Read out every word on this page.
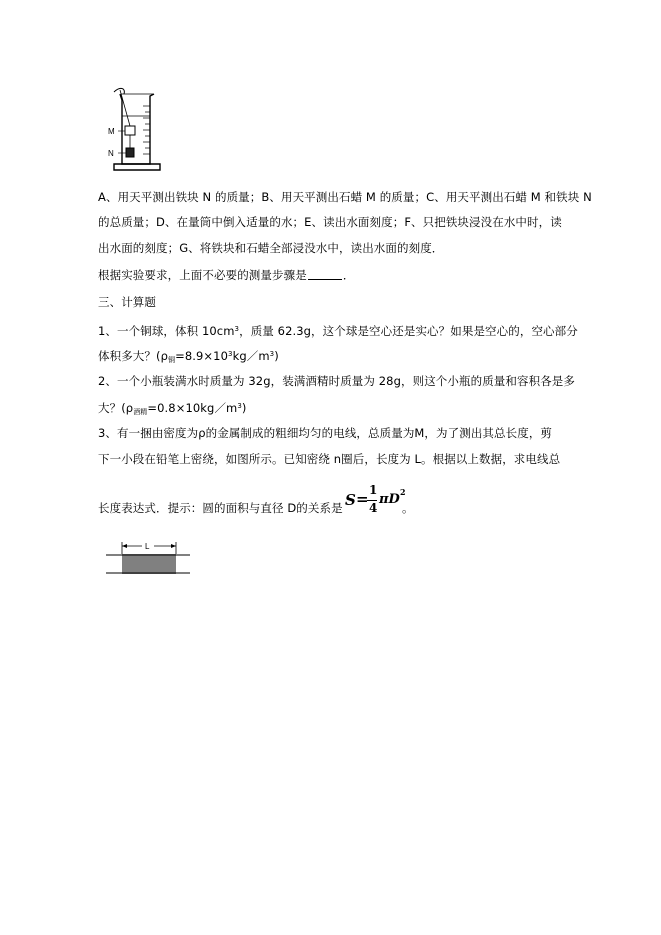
M
N
A、用天平测出铁块 N 的质量；B、用天平测出石蜡 M 的质量；C、用天平测出石蜡 M 和铁块 N
的总质量；D、在量筒中倒入适量的水；E、读出水面刻度；F、只把铁块浸没在水中时，读
出水面的刻度；G、将铁块和石蜡全部浸没水中，读出水面的刻度．
根据实验要求，上面不必要的测量步骤是	．
三、计算题
1、一个铜球，体积 $10cm^3$，质量 62.3g，这个球是空心还是实心？如果是空心的，空心部分
体积多大？$(\rho_铜=8.9\times 10^3kg/m^3)$
2、一个小瓶装满水时质量为 32g，装满酒精时质量为 28g，则这个小瓶的质量和容积各是多
大？$(\rho_{酒精}=0.8\times 10kg/m^3)$
3、有一捆由密度为ρ的金属制成的粗细均匀的电线，总质量为M，为了测出其总长度，剪
下一小段在铅笔上密绕，如图所示。已知密绕 n圈后，长度为 L。根据以上数据，求电线总
长度表达式．提示：圆的面积与直径 D的关系是	。
S = 1
4
πD 2
L
